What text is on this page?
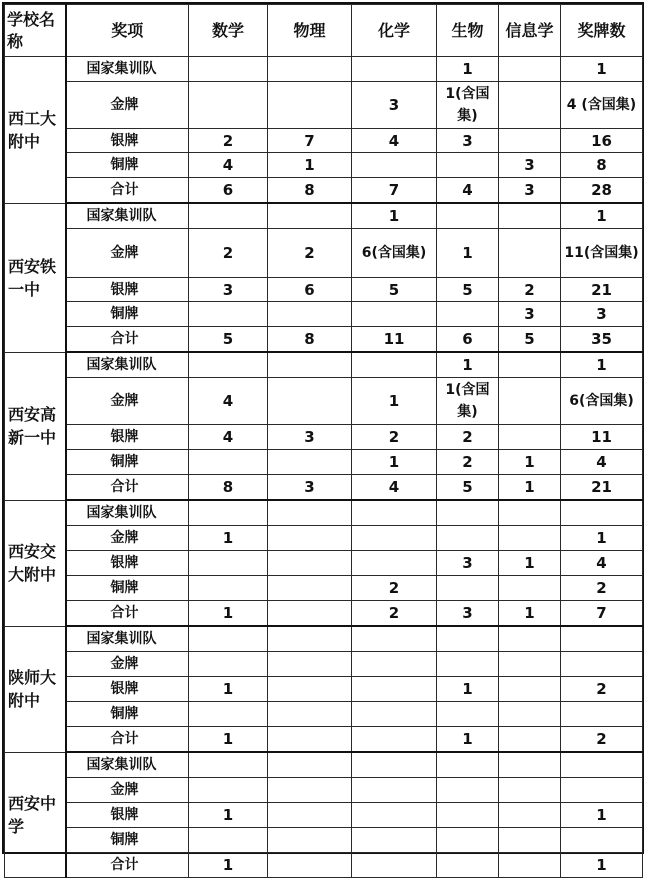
学校名称	奖项	数学	物理	化学	生物	信息学	奖牌数
西工大附中	国家集训队				1		1
	金牌			3	1(含国集)		4 (含国集)
	银牌	2	7	4	3		16
	铜牌	4	1			3	8
	合计	6	8	7	4	3	28
西安铁一中	国家集训队			1			1
	金牌	2	2	6(含国集)	1		11(含国集)
	银牌	3	6	5	5	2	21
	铜牌					3	3
	合计	5	8	11	6	5	35
西安高新一中	国家集训队				1		1
	金牌	4		1	1(含国集)		6(含国集)
	银牌	4	3	2	2		11
	铜牌			1	2	1	4
	合计	8	3	4	5	1	21
西安交大附中	国家集训队						
	金牌	1					1
	银牌				3	1	4
	铜牌			2			2
	合计	1		2	3	1	7
陕师大附中	国家集训队						
	金牌						
	银牌	1			1		2
	铜牌						
	合计	1			1		2
西安中学	国家集训队						
	金牌						
	银牌	1					1
	铜牌						
	合计	1					1
